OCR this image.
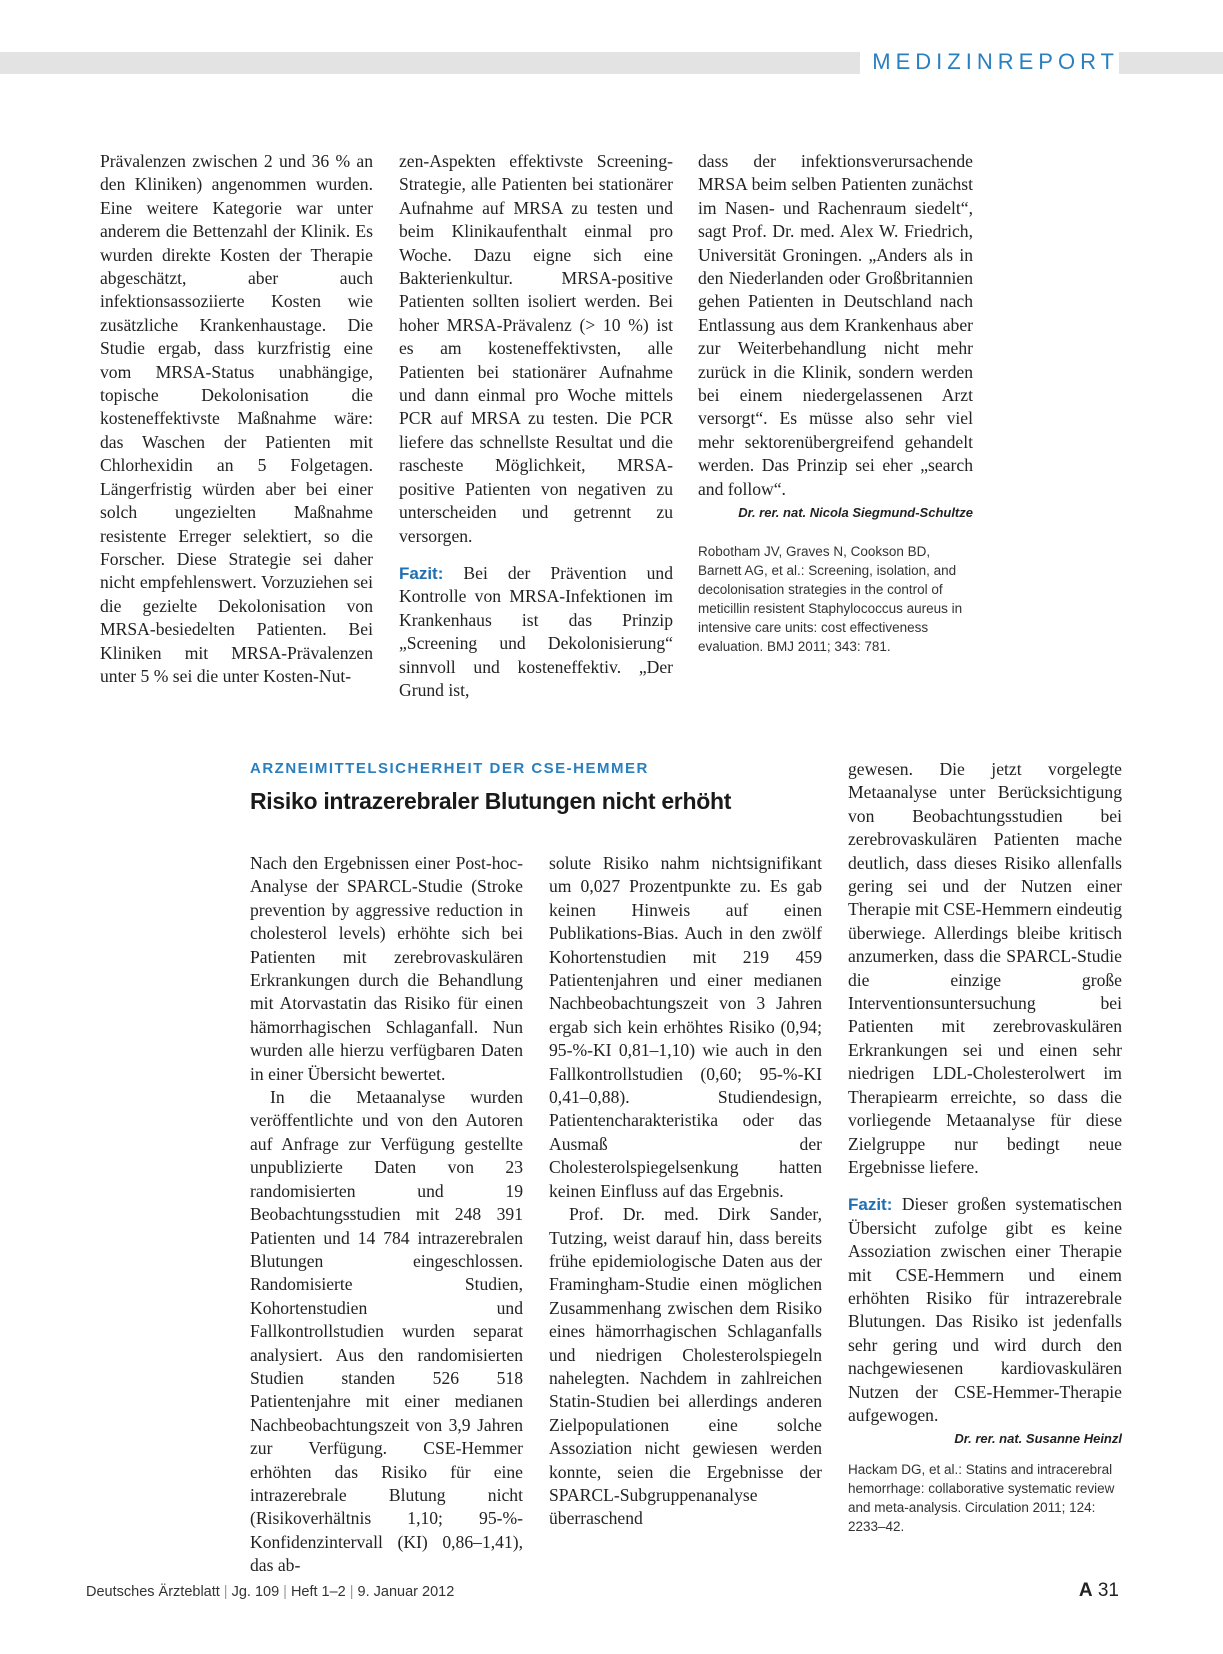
MEDIZINREPORT

Prävalenzen zwischen 2 und 36 % an den Kliniken) angenommen wurden. Eine weitere Kategorie war unter anderem die Bettenzahl der Klinik. Es wurden direkte Kosten der Therapie abgeschätzt, aber auch infektionsassoziierte Kosten wie zusätzliche Krankenhaustage. Die Studie ergab, dass kurzfristig eine vom MRSA-Status unabhängige, topische Dekolonisation die kosteneffektivste Maßnahme wäre: das Waschen der Patienten mit Chlorhexidin an 5 Folgetagen. Längerfristig würden aber bei einer solch ungezielten Maßnahme resistente Erreger selektiert, so die Forscher. Diese Strategie sei daher nicht empfehlenswert. Vorzuziehen sei die gezielte Dekolonisation von MRSA-besiedelten Patienten. Bei Kliniken mit MRSA-Prävalenzen unter 5 % sei die unter Kosten-Nut-

zen-Aspekten effektivste Screening-Strategie, alle Patienten bei stationärer Aufnahme auf MRSA zu testen und beim Klinikaufenthalt einmal pro Woche. Dazu eigne sich eine Bakterienkultur. MRSA-positive Patienten sollten isoliert werden. Bei hoher MRSA-Prävalenz (> 10 %) ist es am kosteneffektivsten, alle Patienten bei stationärer Aufnahme und dann einmal pro Woche mittels PCR auf MRSA zu testen. Die PCR liefere das schnellste Resultat und die rascheste Möglichkeit, MRSA-positive Patienten von negativen zu unterscheiden und getrennt zu versorgen.

Fazit: Bei der Prävention und Kontrolle von MRSA-Infektionen im Krankenhaus ist das Prinzip „Screening und Dekolonisierung“ sinnvoll und kosteneffektiv. „Der Grund ist,

dass der infektionsverursachende MRSA beim selben Patienten zunächst im Nasen- und Rachenraum siedelt“, sagt Prof. Dr. med. Alex W. Friedrich, Universität Groningen. „Anders als in den Niederlanden oder Großbritannien gehen Patienten in Deutschland nach Entlassung aus dem Krankenhaus aber zur Weiterbehandlung nicht mehr zurück in die Klinik, sondern werden bei einem niedergelassenen Arzt versorgt“. Es müsse also sehr viel mehr sektorenübergreifend gehandelt werden. Das Prinzip sei eher „search and follow“.

Dr. rer. nat. Nicola Siegmund-Schultze
Robotham JV, Graves N, Cookson BD, Barnett AG, et al.: Screening, isolation, and decolonisation strategies in the control of meticillin resistent Staphylococcus aureus in intensive care units: cost effectiveness evaluation. BMJ 2011; 343: 781.
ARZNEIMITTELSICHERHEIT DER CSE-HEMMER
Risiko intrazerebraler Blutungen nicht erhöht

Nach den Ergebnissen einer Post-hoc-Analyse der SPARCL-Studie (Stroke prevention by aggressive reduction in cholesterol levels) erhöhte sich bei Patienten mit zerebrovaskulären Erkrankungen durch die Behandlung mit Atorvastatin das Risiko für einen hämorrhagischen Schlaganfall. Nun wurden alle hierzu verfügbaren Daten in einer Übersicht bewertet.

In die Metaanalyse wurden veröffentlichte und von den Autoren auf Anfrage zur Verfügung gestellte unpublizierte Daten von 23 randomisierten und 19 Beobachtungsstudien mit 248 391 Patienten und 14 784 intrazerebralen Blutungen eingeschlossen. Randomisierte Studien, Kohortenstudien und Fallkontrollstudien wurden separat analysiert. Aus den randomisierten Studien standen 526 518 Patientenjahre mit einer medianen Nachbeobachtungszeit von 3,9 Jahren zur Verfügung. CSE-Hemmer erhöhten das Risiko für eine intrazerebrale Blutung nicht (Risikoverhältnis 1,10; 95-%-Konfidenzintervall (KI) 0,86–1,41), das ab-

solute Risiko nahm nichtsignifikant um 0,027 Prozentpunkte zu. Es gab keinen Hinweis auf einen Publikations-Bias. Auch in den zwölf Kohortenstudien mit 219 459 Patientenjahren und einer medianen Nachbeobachtungszeit von 3 Jahren ergab sich kein erhöhtes Risiko (0,94; 95-%-KI 0,81–1,10) wie auch in den Fallkontrollstudien (0,60; 95-%-KI 0,41–0,88). Studiendesign, Patientencharakteristika oder das Ausmaß der Cholesterolspiegelsenkung hatten keinen Einfluss auf das Ergebnis.

Prof. Dr. med. Dirk Sander, Tutzing, weist darauf hin, dass bereits frühe epidemiologische Daten aus der Framingham-Studie einen möglichen Zusammenhang zwischen dem Risiko eines hämorrhagischen Schlaganfalls und niedrigen Cholesterolspiegeln nahelegten. Nachdem in zahlreichen Statin-Studien bei allerdings anderen Zielpopulationen eine solche Assoziation nicht gewiesen werden konnte, seien die Ergebnisse der SPARCL-Subgruppenanalyse überraschend

gewesen. Die jetzt vorgelegte Metaanalyse unter Berücksichtigung von Beobachtungsstudien bei zerebrovaskulären Patienten mache deutlich, dass dieses Risiko allenfalls gering sei und der Nutzen einer Therapie mit CSE-Hemmern eindeutig überwiege. Allerdings bleibe kritisch anzumerken, dass die SPARCL-Studie die einzige große Interventionsuntersuchung bei Patienten mit zerebrovaskulären Erkrankungen sei und einen sehr niedrigen LDL-Cholesterolwert im Therapiearm erreichte, so dass die vorliegende Metaanalyse für diese Zielgruppe nur bedingt neue Ergebnisse liefere.

Fazit: Dieser großen systematischen Übersicht zufolge gibt es keine Assoziation zwischen einer Therapie mit CSE-Hemmern und einem erhöhten Risiko für intrazerebrale Blutungen. Das Risiko ist jedenfalls sehr gering und wird durch den nachgewiesenen kardiovaskulären Nutzen der CSE-Hemmer-Therapie aufgewogen.

Dr. rer. nat. Susanne Heinzl
Hackam DG, et al.: Statins and intracerebral hemorrhage: collaborative systematic review and meta-analysis. Circulation 2011; 124: 2233–42.
Deutsches Ärzteblatt | Jg. 109 | Heft 1–2 | 9. Januar 2012	A 31
